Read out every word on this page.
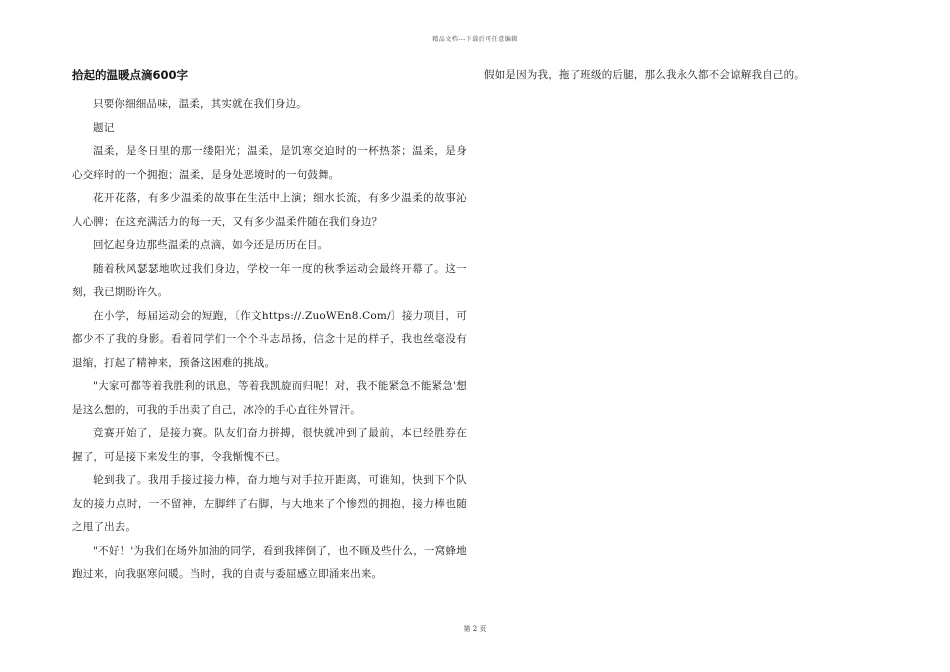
精品文档---下载后可任意编辑
拾起的温暖点滴600字

只要你细细品味，温柔，其实就在我们身边。

题记

温柔，是冬日里的那一缕阳光；温柔，是饥寒交迫时的一杯热茶；温柔，是身心交痒时的一个拥抱；温柔，是身处恶境时的一句鼓舞。

花开花落，有多少温柔的故事在生活中上演；细水长流，有多少温柔的故事沁人心脾；在这充满活力的每一天，又有多少温柔件随在我们身边？

回忆起身边那些温柔的点滴，如今还是历历在目。

随着秋风瑟瑟地吹过我们身边，学校一年一度的秋季运动会最终开幕了。这一刻，我已期盼许久。

在小学，每届运动会的短跑，〔作文https://.ZuoWEn8.Com/〕接力项目，可都少不了我的身影。看着同学们一个个斗志昂扬，信念十足的样子，我也丝毫没有退缩，打起了精神来，预备这困难的挑战。

"大家可都等着我胜利的讯息，等着我凯旋而归呢！对，我不能紧急不能紧急'想是这么想的，可我的手出卖了自己，冰冷的手心直往外冒汗。

竞赛开始了，是接力赛。队友们奋力拼搏，很快就冲到了最前，本已经胜券在握了，可是接下来发生的事，令我惭愧不已。

轮到我了。我用手接过接力棒，奋力地与对手拉开距离，可谁知，快到下个队友的接力点时，一不留神，左脚绊了右脚，与大地来了个惨烈的拥抱，接力棒也随之甩了出去。

"不好！'为我们在场外加油的同学，看到我摔倒了，也不顾及些什么，一窝蜂地跑过来，向我驱寒问暖。当时，我的自责与委屈感立即涌来出来。

假如是因为我，拖了班级的后腿，那么我永久都不会谅解我自己的。

第 2 页
